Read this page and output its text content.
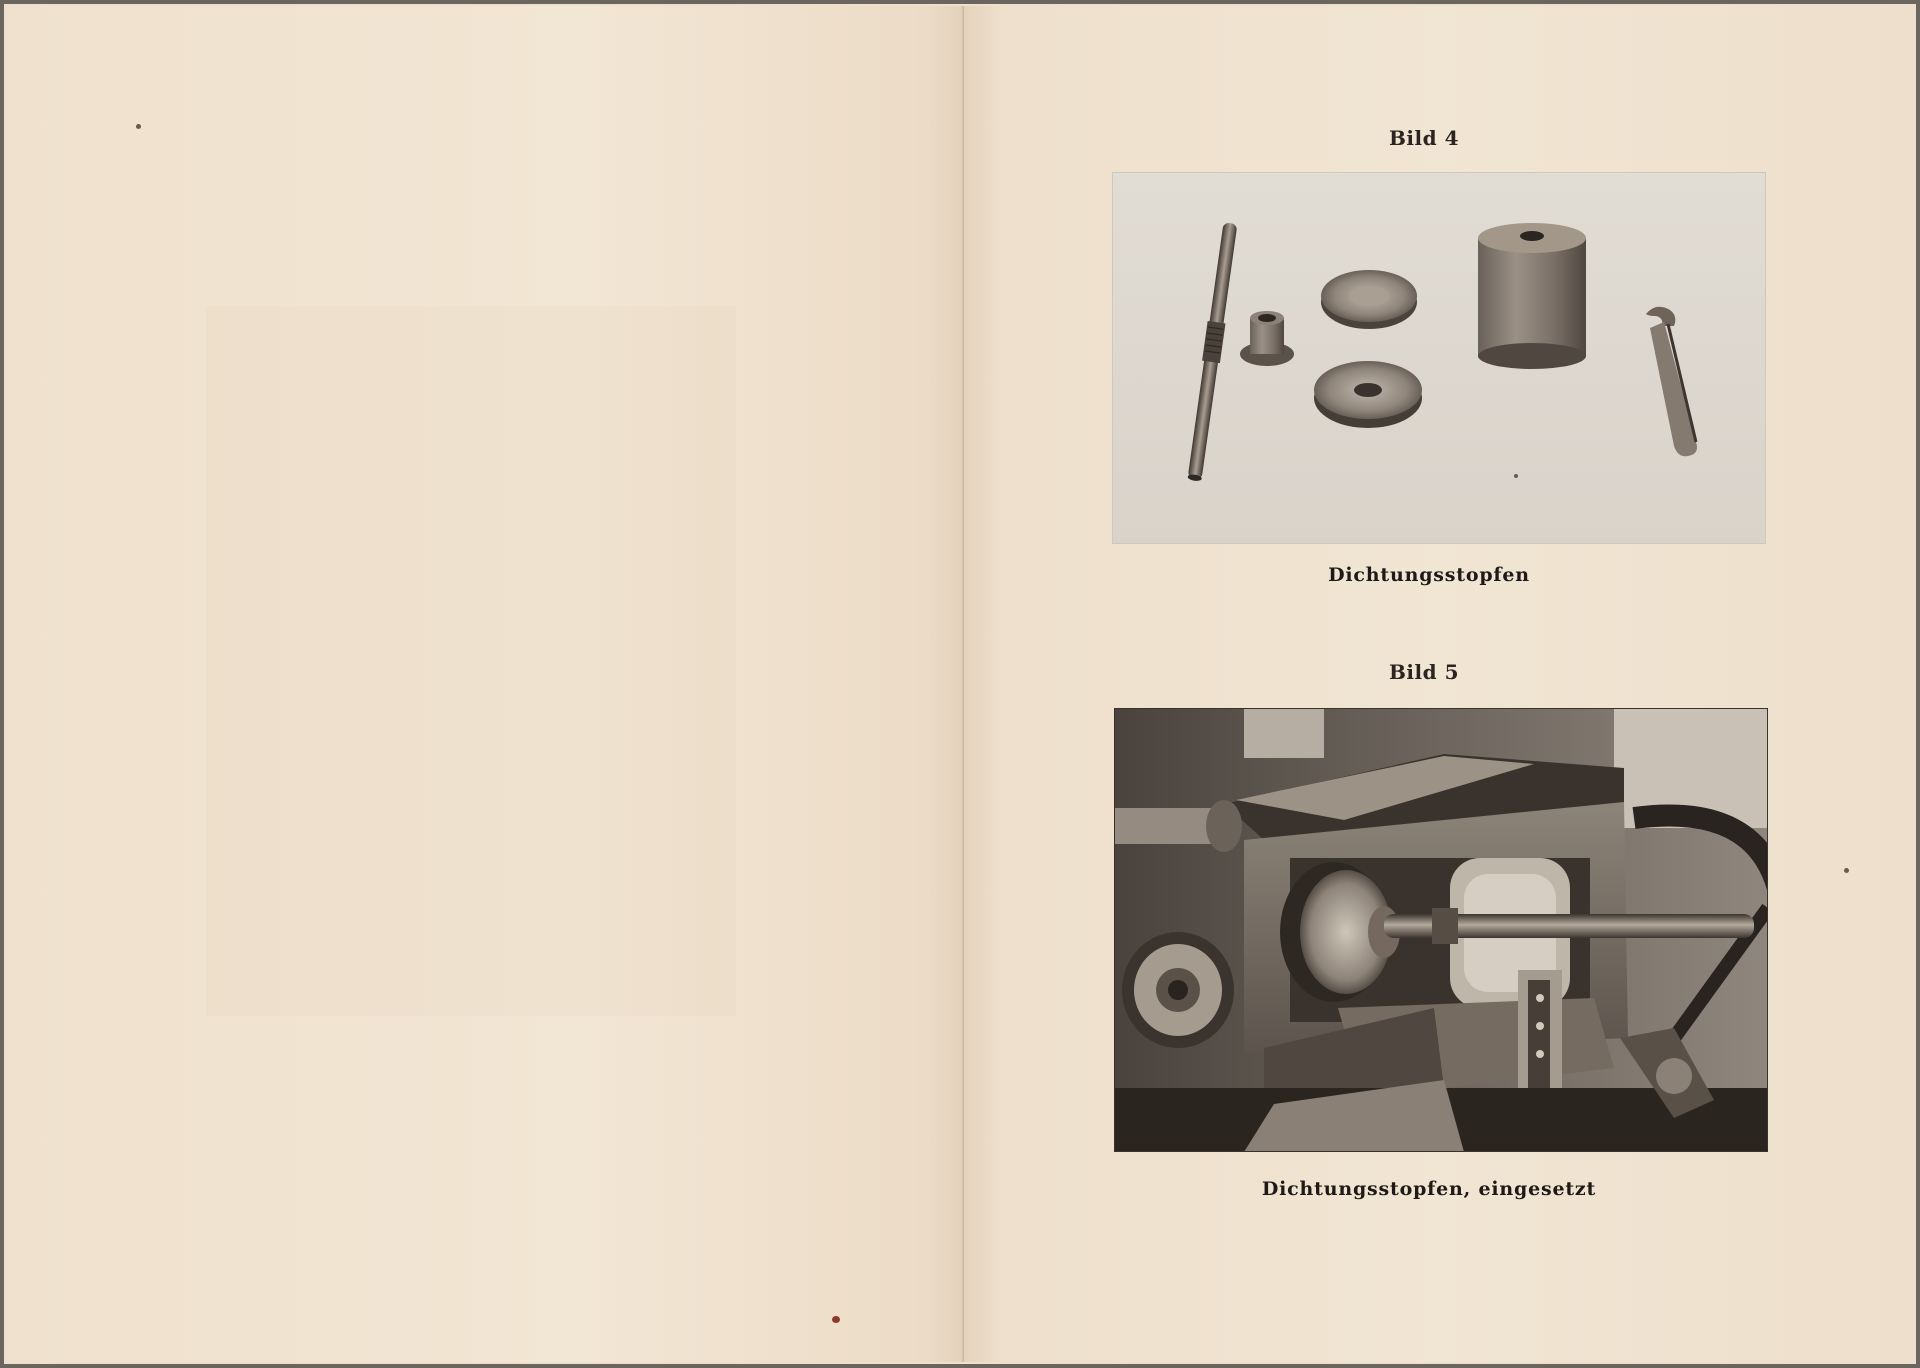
Bild 4
Dichtungsstopfen
Bild 5
Dichtungsstopfen, eingesetzt
